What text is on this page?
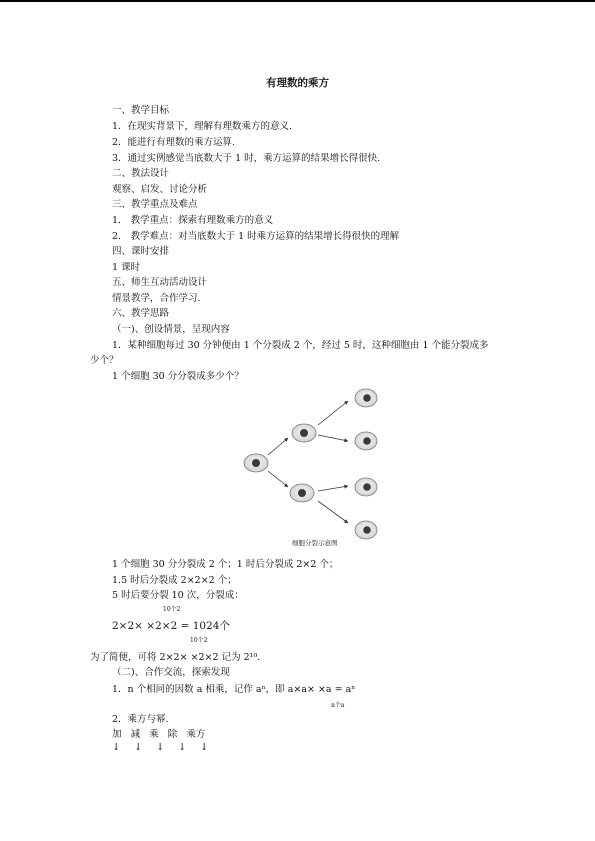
有理数的乘方
一、教学目标
1．在现实背景下，理解有理数乘方的意义.
2．能进行有理数的乘方运算.
3．通过实例感觉当底数大于 1 时，乘方运算的结果增长得很快.
二、教法设计
观察、启发、讨论分析
三、教学重点及难点
1． 教学重点：探索有理数乘方的意义
2． 教学难点：对当底数大于 1 时乘方运算的结果增长得很快的理解
四、课时安排
1 课时
五、师生互动活动设计
情景教学，合作学习.
六、教学思路
（一)、创设情景，呈现内容
1．某种细胞每过 30 分钟便由 1 个分裂成 2 个，经过 5 时，这种细胞由 1 个能分裂成多
少个？
1 个细胞 30 分分裂成多少个？
细胞分裂示意图
1 个细胞 30 分分裂成 2 个；1 时后分裂成 2×2 个；
1.5 时后分裂成 2×2×2 个；
5 时后要分裂 10 次，分裂成：
10个2
2×2× ×2×2 = 1024个
10个2
为了简便，可将 2×2× ×2×2 记为 2¹⁰.
（二)、合作交流，探索发现
1．n 个相同的因数 a 相乘，记作 aⁿ，即 a×a× ×a = aⁿ
n个a
2．乘方与幂.
加 减 乘 除 乘方
↓ ↓ ↓ ↓ ↓
